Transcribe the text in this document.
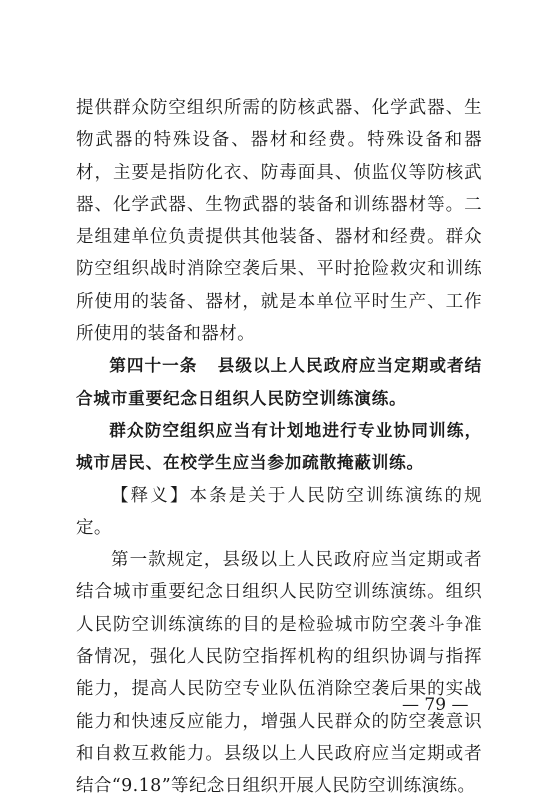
提供群众防空组织所需的防核武器、化学武器、生物武器的特殊设备、器材和经费。特殊设备和器材，主要是指防化衣、防毒面具、侦监仪等防核武器、化学武器、生物武器的装备和训练器材等。二是组建单位负责提供其他装备、器材和经费。群众防空组织战时消除空袭后果、平时抢险救灾和训练所使用的装备、器材，就是本单位平时生产、工作所使用的装备和器材。

第四十一条 县级以上人民政府应当定期或者结合城市重要纪念日组织人民防空训练演练。

群众防空组织应当有计划地进行专业协同训练，城市居民、在校学生应当参加疏散掩蔽训练。

【释义】本条是关于人民防空训练演练的规定。

第一款规定，县级以上人民政府应当定期或者结合城市重要纪念日组织人民防空训练演练。组织人民防空训练演练的目的是检验城市防空袭斗争准备情况，强化人民防空指挥机构的组织协调与指挥能力，提高人民防空专业队伍消除空袭后果的实战能力和快速反应能力，增强人民群众的防空袭意识和自救互救能力。县级以上人民政府应当定期或者结合“9.18”等纪念日组织开展人民防空训练演练。

— 79 —
